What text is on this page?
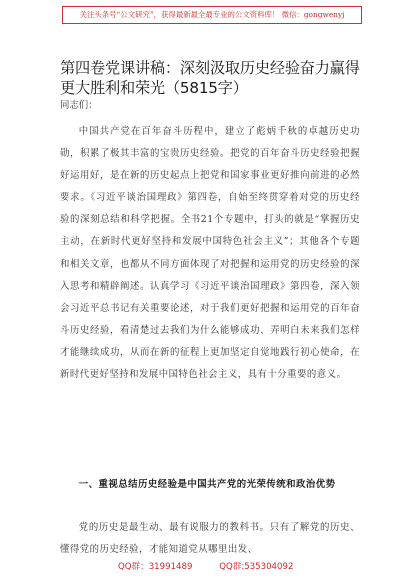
关注头条号“公文研究”，获得最新最全最专业的公文资料库！ 微信：gongwenyj
第四卷党课讲稿：深刻汲取历史经验奋力赢得更大胜利和荣光（5815字）
同志们：

中国共产党在百年奋斗历程中，建立了彪炳千秋的卓越历史功勋，积累了极其丰富的宝贵历史经验。把党的百年奋斗历史经验把握好运用好，是在新的历史起点上把党和国家事业更好推向前进的必然要求。《习近平谈治国理政》第四卷，自始至终贯穿着对党的历史经验的深刻总结和科学把握。全书21个专题中，打头的就是“掌握历史主动，在新时代更好坚持和发展中国特色社会主义”；其他各个专题和相关文章，也都从不同方面体现了对把握和运用党的历史经验的深入思考和精辟阐述。认真学习《习近平谈治国理政》第四卷，深入领会习近平总书记有关重要论述，对于我们更好把握和运用党的百年奋斗历史经验，看清楚过去我们为什么能够成功、弄明白未来我们怎样才能继续成功，从而在新的征程上更加坚定自觉地践行初心使命，在新时代更好坚持和发展中国特色社会主义，具有十分重要的意义。

一、重视总结历史经验是中国共产党的光荣传统和政治优势
党的历史是最生动、最有说服力的教科书。只有了解党的历史、懂得党的历史经验，才能知道党从哪里出发、
QQ群：31991489	QQ群:535304092
